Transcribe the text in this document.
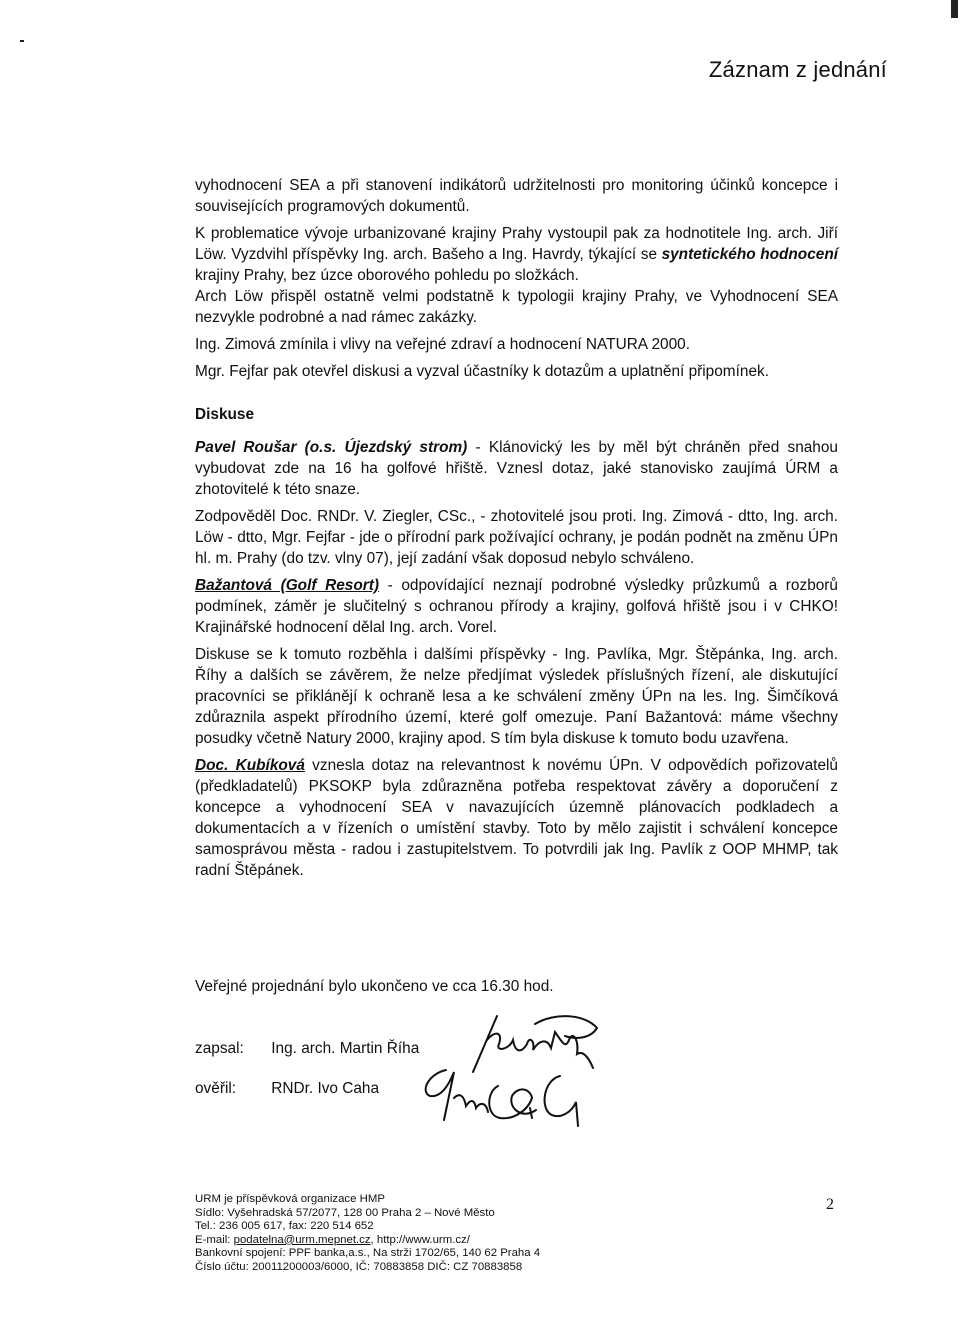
Záznam z jednání

vyhodnocení SEA a při stanovení indikátorů udržitelnosti pro monitoring účinků koncepce i souvisejících programových dokumentů.

K problematice vývoje urbanizované krajiny Prahy vystoupil pak za hodnotitele Ing. arch. Jiří Löw. Vyzdvihl příspěvky Ing. arch. Bašeho a Ing. Havrdy, týkající se syntetického hodnocení krajiny Prahy, bez úzce oborového pohledu po složkách.

Arch Löw přispěl ostatně velmi podstatně k typologii krajiny Prahy, ve Vyhodnocení SEA nezvykle podrobné a nad rámec zakázky.

Ing. Zimová zmínila i vlivy na veřejné zdraví a hodnocení NATURA 2000.

Mgr. Fejfar pak otevřel diskusi a vyzval účastníky k dotazům a uplatnění připomínek.

Diskuse

Pavel Roušar (o.s. Újezdský strom) - Klánovický les by měl být chráněn před snahou vybudovat zde na 16 ha golfové hřiště. Vznesl dotaz, jaké stanovisko zaujímá ÚRM a zhotovitelé k této snaze.

Zodpověděl Doc. RNDr. V. Ziegler, CSc., - zhotovitelé jsou proti. Ing. Zimová - dtto, Ing. arch. Löw - dtto, Mgr. Fejfar - jde o přírodní park požívající ochrany, je podán podnět na změnu ÚPn hl. m. Prahy (do tzv. vlny 07), její zadání však doposud nebylo schváleno.

Bažantová (Golf Resort) - odpovídající neznají podrobné výsledky průzkumů a rozborů podmínek, záměr je slučitelný s ochranou přírody a krajiny, golfová hřiště jsou i v CHKO! Krajinářské hodnocení dělal Ing. arch. Vorel.

Diskuse se k tomuto rozběhla i dalšími příspěvky - Ing. Pavlíka, Mgr. Štěpánka, Ing. arch. Říhy a dalších se závěrem, že nelze předjímat výsledek příslušných řízení, ale diskutující pracovníci se přiklánějí k ochraně lesa a ke schválení změny ÚPn na les. Ing. Šimčíková zdůraznila aspekt přírodního území, které golf omezuje. Paní Bažantová: máme všechny posudky včetně Natury 2000, krajiny apod. S tím byla diskuse k tomuto bodu uzavřena.

Doc. Kubíková vznesla dotaz na relevantnost k novému ÚPn. V odpovědích pořizovatelů (předkladatelů) PKSOKP byla zdůrazněna potřeba respektovat závěry a doporučení z koncepce a vyhodnocení SEA v navazujících územně plánovacích podkladech a dokumentacích a v řízeních o umístění stavby. Toto by mělo zajistit i schválení koncepce samosprávou města - radou i zastupitelstvem. To potvrdili jak Ing. Pavlík z OOP MHMP, tak radní Štěpánek.

Veřejné projednání bylo ukončeno ve cca 16.30 hod.
zapsal: Ing. arch. Martin Říha
ověřil: RNDr. Ivo Caha
URM je příspěvková organizace HMP
Sídlo: Vyšehradská 57/2077, 128 00 Praha 2 – Nové Město
Tel.: 236 005 617, fax: 220 514 652
E-mail: podatelna@urm.mepnet.cz, http://www.urm.cz/
Bankovní spojení: PPF banka,a.s., Na strži 1702/65, 140 62 Praha 4
Číslo účtu: 20011200003/6000, IČ: 70883858 DIČ: CZ 70883858
2
